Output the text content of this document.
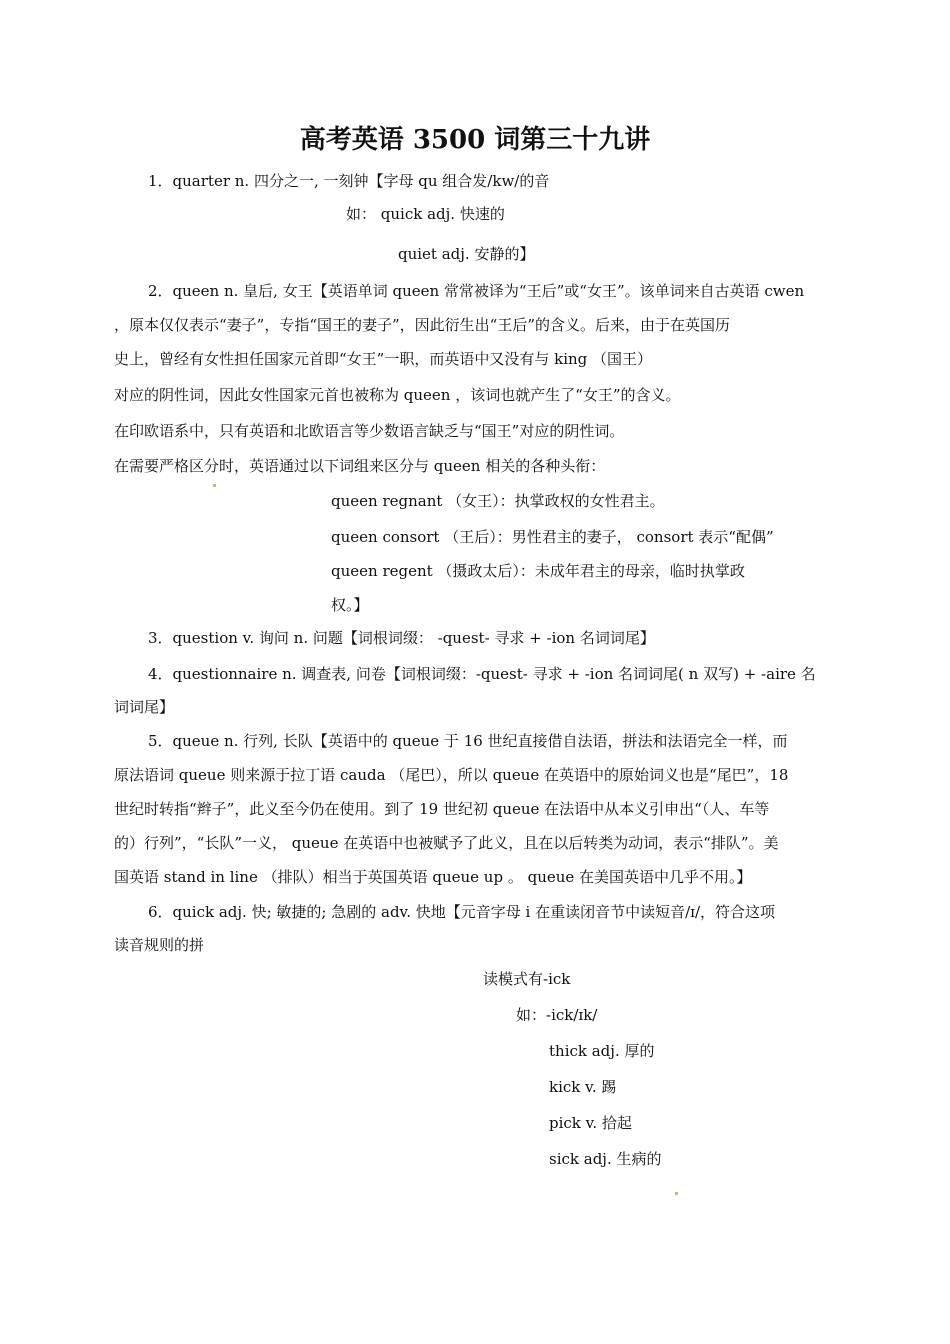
高考英语 3500 词第三十九讲
1．quarter n. 四分之一, 一刻钟【字母 qu 组合发/kw/的音
如： quick adj. 快速的
quiet adj. 安静的】
2．queen n. 皇后, 女王【英语单词 queen 常常被译为“王后”或“女王”。该单词来自古英语 cwen
，原本仅仅表示“妻子”，专指“国王的妻子”，因此衍生出“王后”的含义。后来，由于在英国历
史上，曾经有女性担任国家元首即“女王”一职，而英语中又没有与 king （国王）
对应的阴性词，因此女性国家元首也被称为 queen ，该词也就产生了“女王”的含义。
在印欧语系中，只有英语和北欧语言等少数语言缺乏与“国王”对应的阴性词。
在需要严格区分时，英语通过以下词组来区分与 queen 相关的各种头衔：
queen regnant （女王）：执掌政权的女性君主。
queen consort （王后）：男性君主的妻子， consort 表示“配偶”
queen regent （摄政太后）：未成年君主的母亲，临时执掌政
权。】
3．question v. 询问 n. 问题【词根词缀： -quest- 寻求 + -ion 名词词尾】
4．questionnaire n. 调查表, 问卷【词根词缀：-quest- 寻求 + -ion 名词词尾( n 双写) + -aire 名
词词尾】
5．queue n. 行列, 长队【英语中的 queue 于 16 世纪直接借自法语，拼法和法语完全一样，而
原法语词 queue 则来源于拉丁语 cauda （尾巴），所以 queue 在英语中的原始词义也是“尾巴”，18
世纪时转指“辫子”，此义至今仍在使用。到了 19 世纪初 queue 在法语中从本义引申出“（人、车等
的）行列”，“长队”一义， queue 在英语中也被赋予了此义，且在以后转类为动词，表示“排队”。美
国英语 stand in line （排队）相当于英国英语 queue up 。 queue 在美国英语中几乎不用。】
6．quick adj. 快; 敏捷的; 急剧的 adv. 快地【元音字母 i 在重读闭音节中读短音/ɪ/，符合这项
读音规则的拼
读模式有-ick
如：-ick/ɪk/
thick adj. 厚的
kick v. 踢
pick v. 拾起
sick adj. 生病的
